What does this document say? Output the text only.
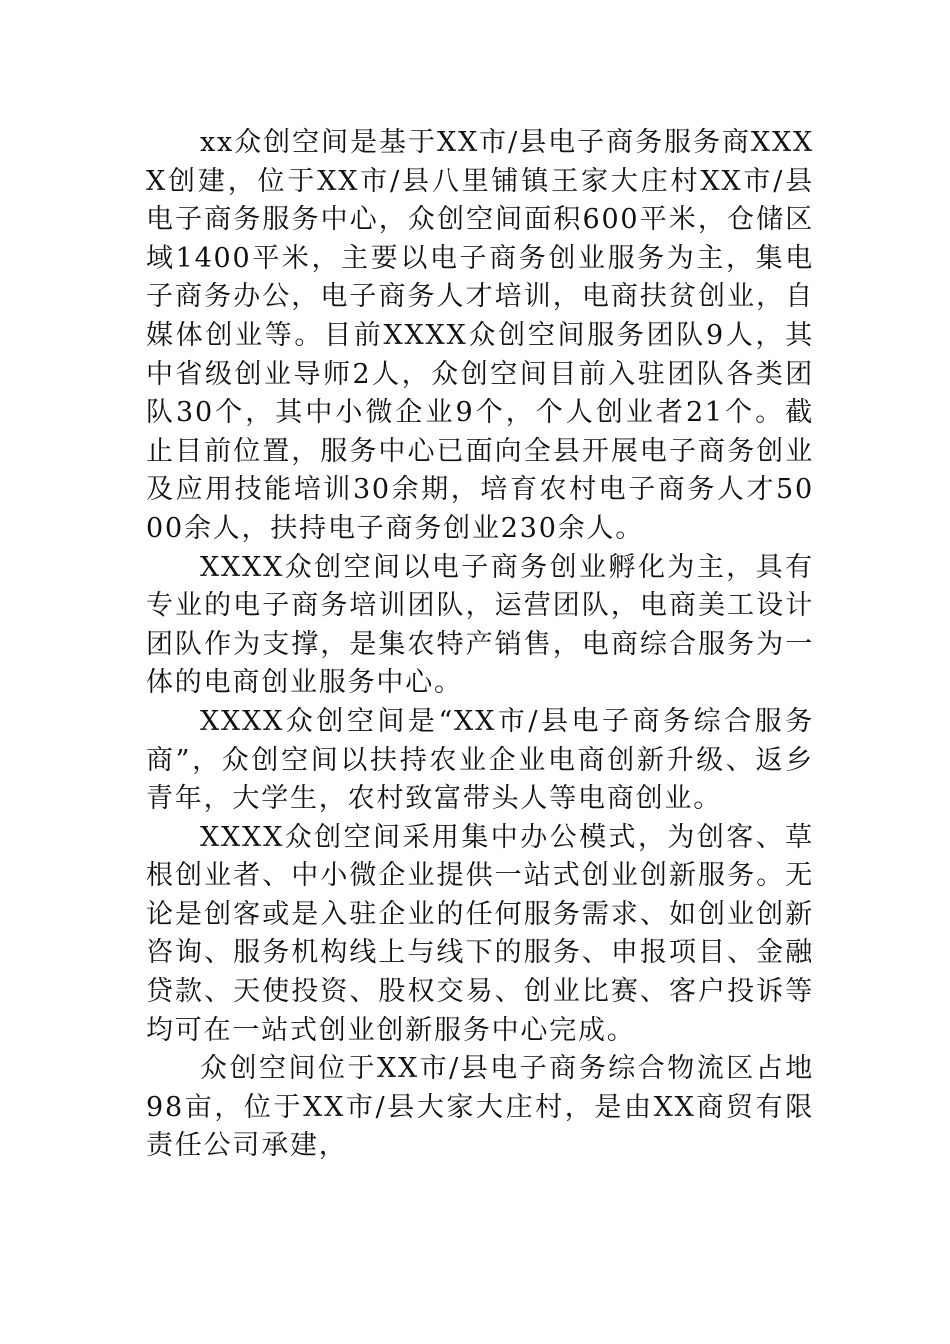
xx众创空间是基于XX市/县电子商务服务商XXXX创建，位于XX市/县八里铺镇王家大庄村XX市/县电子商务服务中心，众创空间面积600平米，仓储区域1400平米，主要以电子商务创业服务为主，集电子商务办公，电子商务人才培训，电商扶贫创业，自媒体创业等。目前XXXX众创空间服务团队9人，其中省级创业导师2人，众创空间目前入驻团队各类团队30个，其中小微企业9个，个人创业者21个。截止目前位置，服务中心已面向全县开展电子商务创业及应用技能培训30余期，培育农村电子商务人才5000余人，扶持电子商务创业230余人。

XXXX众创空间以电子商务创业孵化为主，具有专业的电子商务培训团队，运营团队，电商美工设计团队作为支撑，是集农特产销售，电商综合服务为一体的电商创业服务中心。

XXXX众创空间是“XX市/县电子商务综合服务商”，众创空间以扶持农业企业电商创新升级、返乡青年，大学生，农村致富带头人等电商创业。

XXXX众创空间采用集中办公模式，为创客、草根创业者、中小微企业提供一站式创业创新服务。无论是创客或是入驻企业的任何服务需求、如创业创新咨询、服务机构线上与线下的服务、申报项目、金融贷款、天使投资、股权交易、创业比赛、客户投诉等均可在一站式创业创新服务中心完成。

众创空间位于XX市/县电子商务综合物流区占地98亩，位于XX市/县大家大庄村，是由XX商贸有限责任公司承建，
